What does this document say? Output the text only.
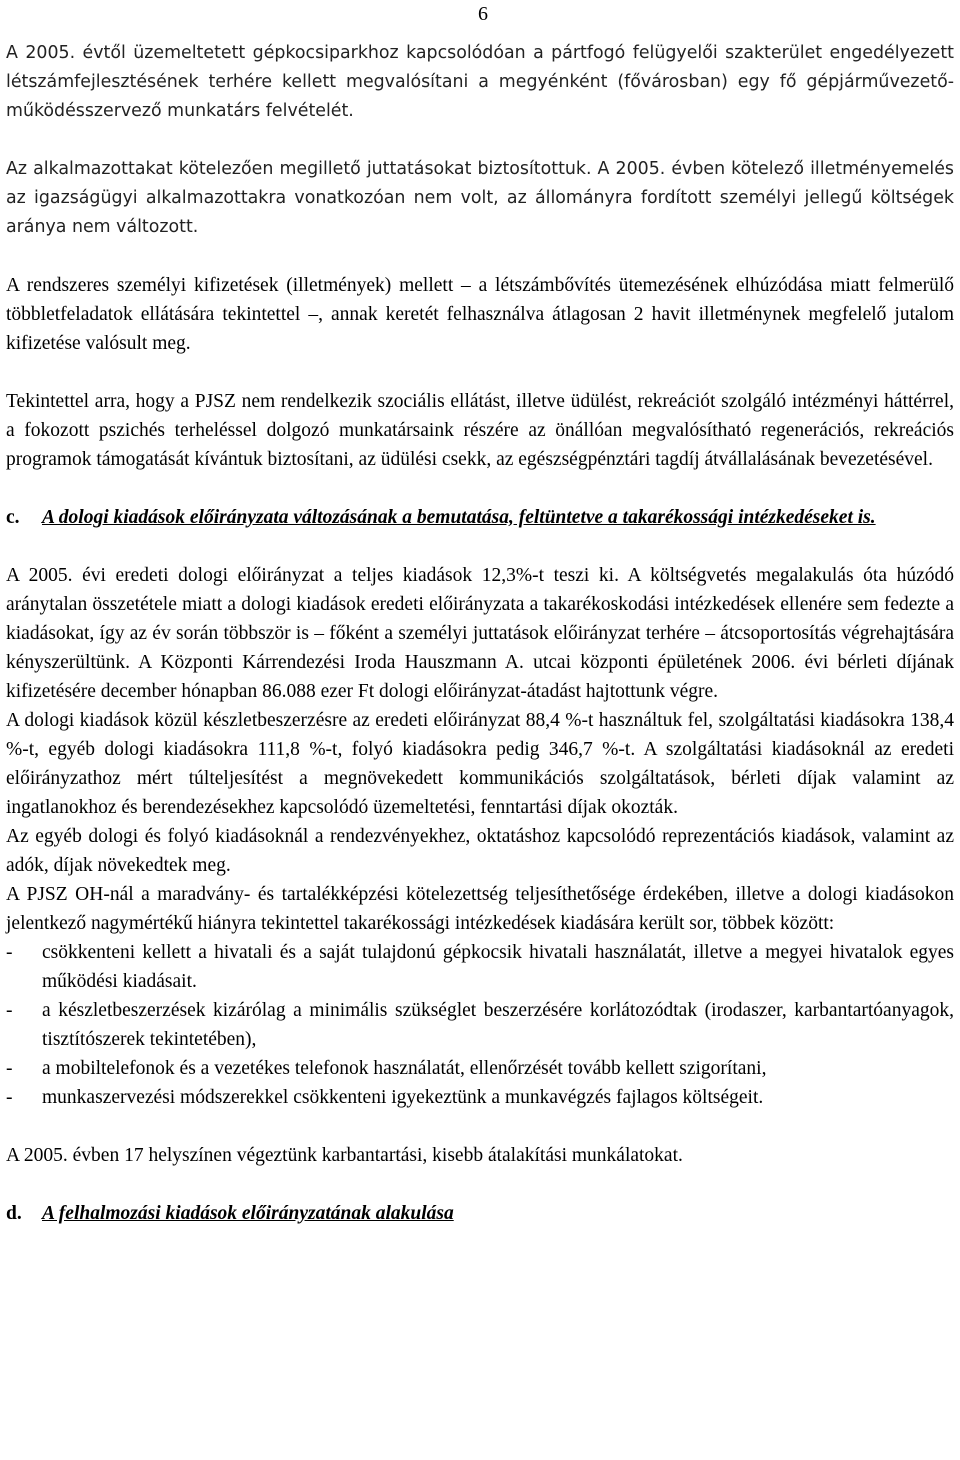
6

A 2005. évtől üzemeltetett gépkocsiparkhoz kapcsolódóan a pártfogó felügyelői szakterület engedélyezett létszámfejlesztésének terhére kellett megvalósítani a megyénként (fővárosban) egy fő gépjárművezető- működésszervező munkatárs felvételét.

Az alkalmazottakat kötelezően megillető juttatásokat biztosítottuk. A 2005. évben kötelező illetményemelés az igazságügyi alkalmazottakra vonatkozóan nem volt, az állományra fordított személyi jellegű költségek aránya nem változott.

A rendszeres személyi kifizetések (illetmények) mellett – a létszámbővítés ütemezésének elhúzódása miatt felmerülő többletfeladatok ellátására tekintettel –, annak keretét felhasználva átlagosan 2 havit illetménynek megfelelő jutalom kifizetése valósult meg.

Tekintettel arra, hogy a PJSZ nem rendelkezik szociális ellátást, illetve üdülést, rekreációt szolgáló intézményi háttérrel, a fokozott pszichés terheléssel dolgozó munkatársaink részére az önállóan megvalósítható regenerációs, rekreációs programok támogatását kívántuk biztosítani, az üdülési csekk, az egészségpénztári tagdíj átvállalásának bevezetésével.

c.	A dologi kiadások előirányzata változásának a bemutatása, feltüntetve a takarékossági intézkedéseket is.

A 2005. évi eredeti dologi előirányzat a teljes kiadások 12,3%-t teszi ki. A költségvetés megalakulás óta húzódó aránytalan összetétele miatt a dologi kiadások eredeti előirányzata a takarékoskodási intézkedések ellenére sem fedezte a kiadásokat, így az év során többször is – főként a személyi juttatások előirányzat terhére – átcsoportosítás végrehajtására kényszerültünk. A Központi Kárrendezési Iroda Hauszmann A. utcai központi épületének 2006. évi bérleti díjának kifizetésére december hónapban 86.088 ezer Ft dologi előirányzat-átadást hajtottunk végre.

A dologi kiadások közül készletbeszerzésre az eredeti előirányzat 88,4 %-t használtuk fel, szolgáltatási kiadásokra 138,4 %-t, egyéb dologi kiadásokra 111,8 %-t, folyó kiadásokra pedig 346,7 %-t. A szolgáltatási kiadásoknál az eredeti előirányzathoz mért túlteljesítést a megnövekedett kommunikációs szolgáltatások, bérleti díjak valamint az ingatlanokhoz és berendezésekhez kapcsolódó üzemeltetési, fenntartási díjak okozták.

Az egyéb dologi és folyó kiadásoknál a rendezvényekhez, oktatáshoz kapcsolódó reprezentációs kiadások, valamint az adók, díjak növekedtek meg.

A PJSZ OH-nál a maradvány- és tartalékképzési kötelezettség teljesíthetősége érdekében, illetve a dologi kiadásokon jelentkező nagymértékű hiányra tekintettel takarékossági intézkedések kiadására került sor, többek között:

-	csökkenteni kellett a hivatali és a saját tulajdonú gépkocsik hivatali használatát, illetve a megyei hivatalok egyes működési kiadásait.
-	a készletbeszerzések kizárólag a minimális szükséglet beszerzésére korlátozódtak (irodaszer, karbantartóanyagok, tisztítószerek tekintetében),
-	a mobiltelefonok és a vezetékes telefonok használatát, ellenőrzését tovább kellett szigorítani,
-	munkaszervezési módszerekkel csökkenteni igyekeztünk a munkavégzés fajlagos költségeit.

A 2005. évben 17 helyszínen végeztünk karbantartási, kisebb átalakítási munkálatokat.

d.	A felhalmozási kiadások előirányzatának alakulása
